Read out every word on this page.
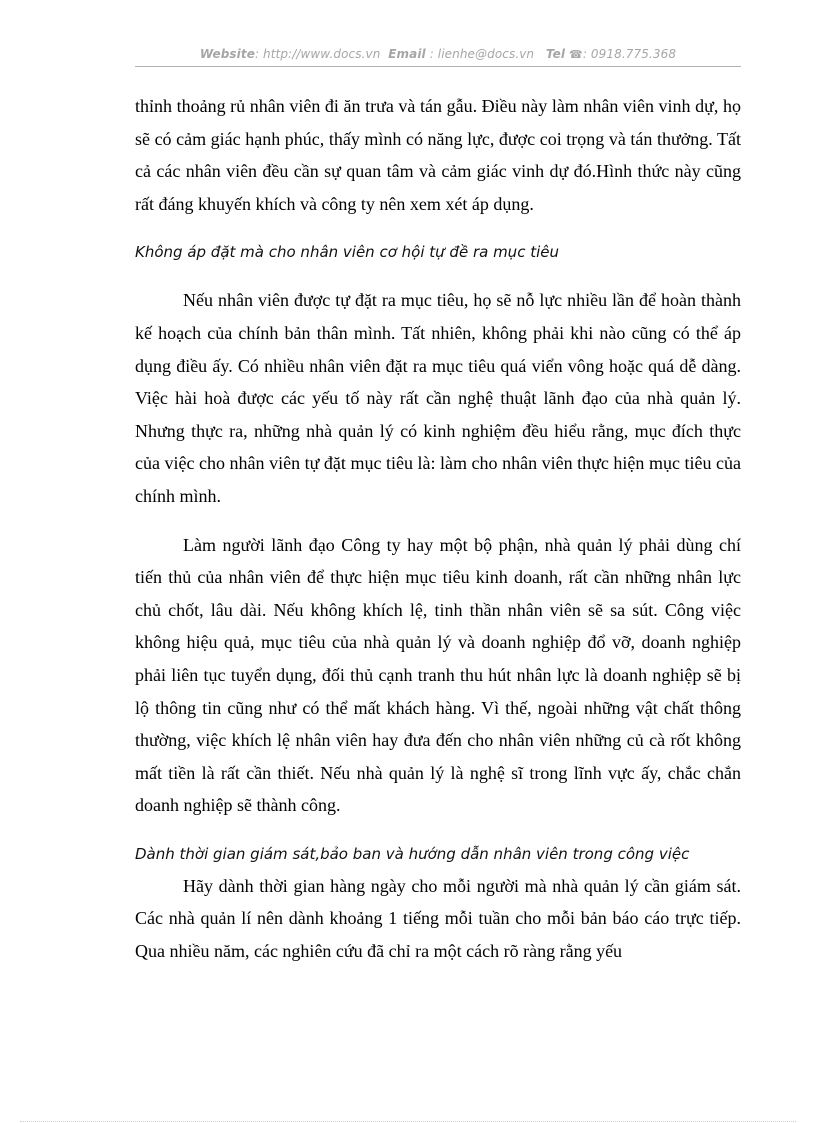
Website: http://www.docs.vn Email : lienhe@docs.vn Tel ☎: 0918.775.368

thỉnh thoảng rủ nhân viên đi ăn trưa và tán gẫu. Điều này làm nhân viên vinh dự, họ sẽ có cảm giác hạnh phúc, thấy mình có năng lực, được coi trọng và tán thưởng. Tất cả các nhân viên đều cần sự quan tâm và cảm giác vinh dự đó.Hình thức này cũng rất đáng khuyến khích và công ty nên xem xét áp dụng.

Không áp đặt mà cho nhân viên cơ hội tự đề ra mục tiêu

Nếu nhân viên được tự đặt ra mục tiêu, họ sẽ nỗ lực nhiều lần để hoàn thành kế hoạch của chính bản thân mình. Tất nhiên, không phải khi nào cũng có thể áp dụng điều ấy. Có nhiều nhân viên đặt ra mục tiêu quá viển vông hoặc quá dễ dàng. Việc hài hoà được các yếu tố này rất cần nghệ thuật lãnh đạo của nhà quản lý. Nhưng thực ra, những nhà quản lý có kinh nghiệm đều hiểu rằng, mục đích thực của việc cho nhân viên tự đặt mục tiêu là: làm cho nhân viên thực hiện mục tiêu của chính mình.

Làm người lãnh đạo Công ty hay một bộ phận, nhà quản lý phải dùng chí tiến thủ của nhân viên để thực hiện mục tiêu kinh doanh, rất cần những nhân lực chủ chốt, lâu dài. Nếu không khích lệ, tinh thần nhân viên sẽ sa sút. Công việc không hiệu quả, mục tiêu của nhà quản lý và doanh nghiệp đổ vỡ, doanh nghiệp phải liên tục tuyển dụng, đối thủ cạnh tranh thu hút nhân lực là doanh nghiệp sẽ bị lộ thông tin cũng như có thể mất khách hàng. Vì thế, ngoài những vật chất thông thường, việc khích lệ nhân viên hay đưa đến cho nhân viên những củ cà rốt không mất tiền là rất cần thiết. Nếu nhà quản lý là nghệ sĩ trong lĩnh vực ấy, chắc chắn doanh nghiệp sẽ thành công.

Dành thời gian giám sát,bảo ban và hướng dẫn nhân viên trong công việc

Hãy dành thời gian hàng ngày cho mỗi người mà nhà quản lý cần giám sát. Các nhà quản lí nên dành khoảng 1 tiếng mỗi tuần cho mỗi bản báo cáo trực tiếp. Qua nhiều năm, các nghiên cứu đã chỉ ra một cách rõ ràng rằng yếu
